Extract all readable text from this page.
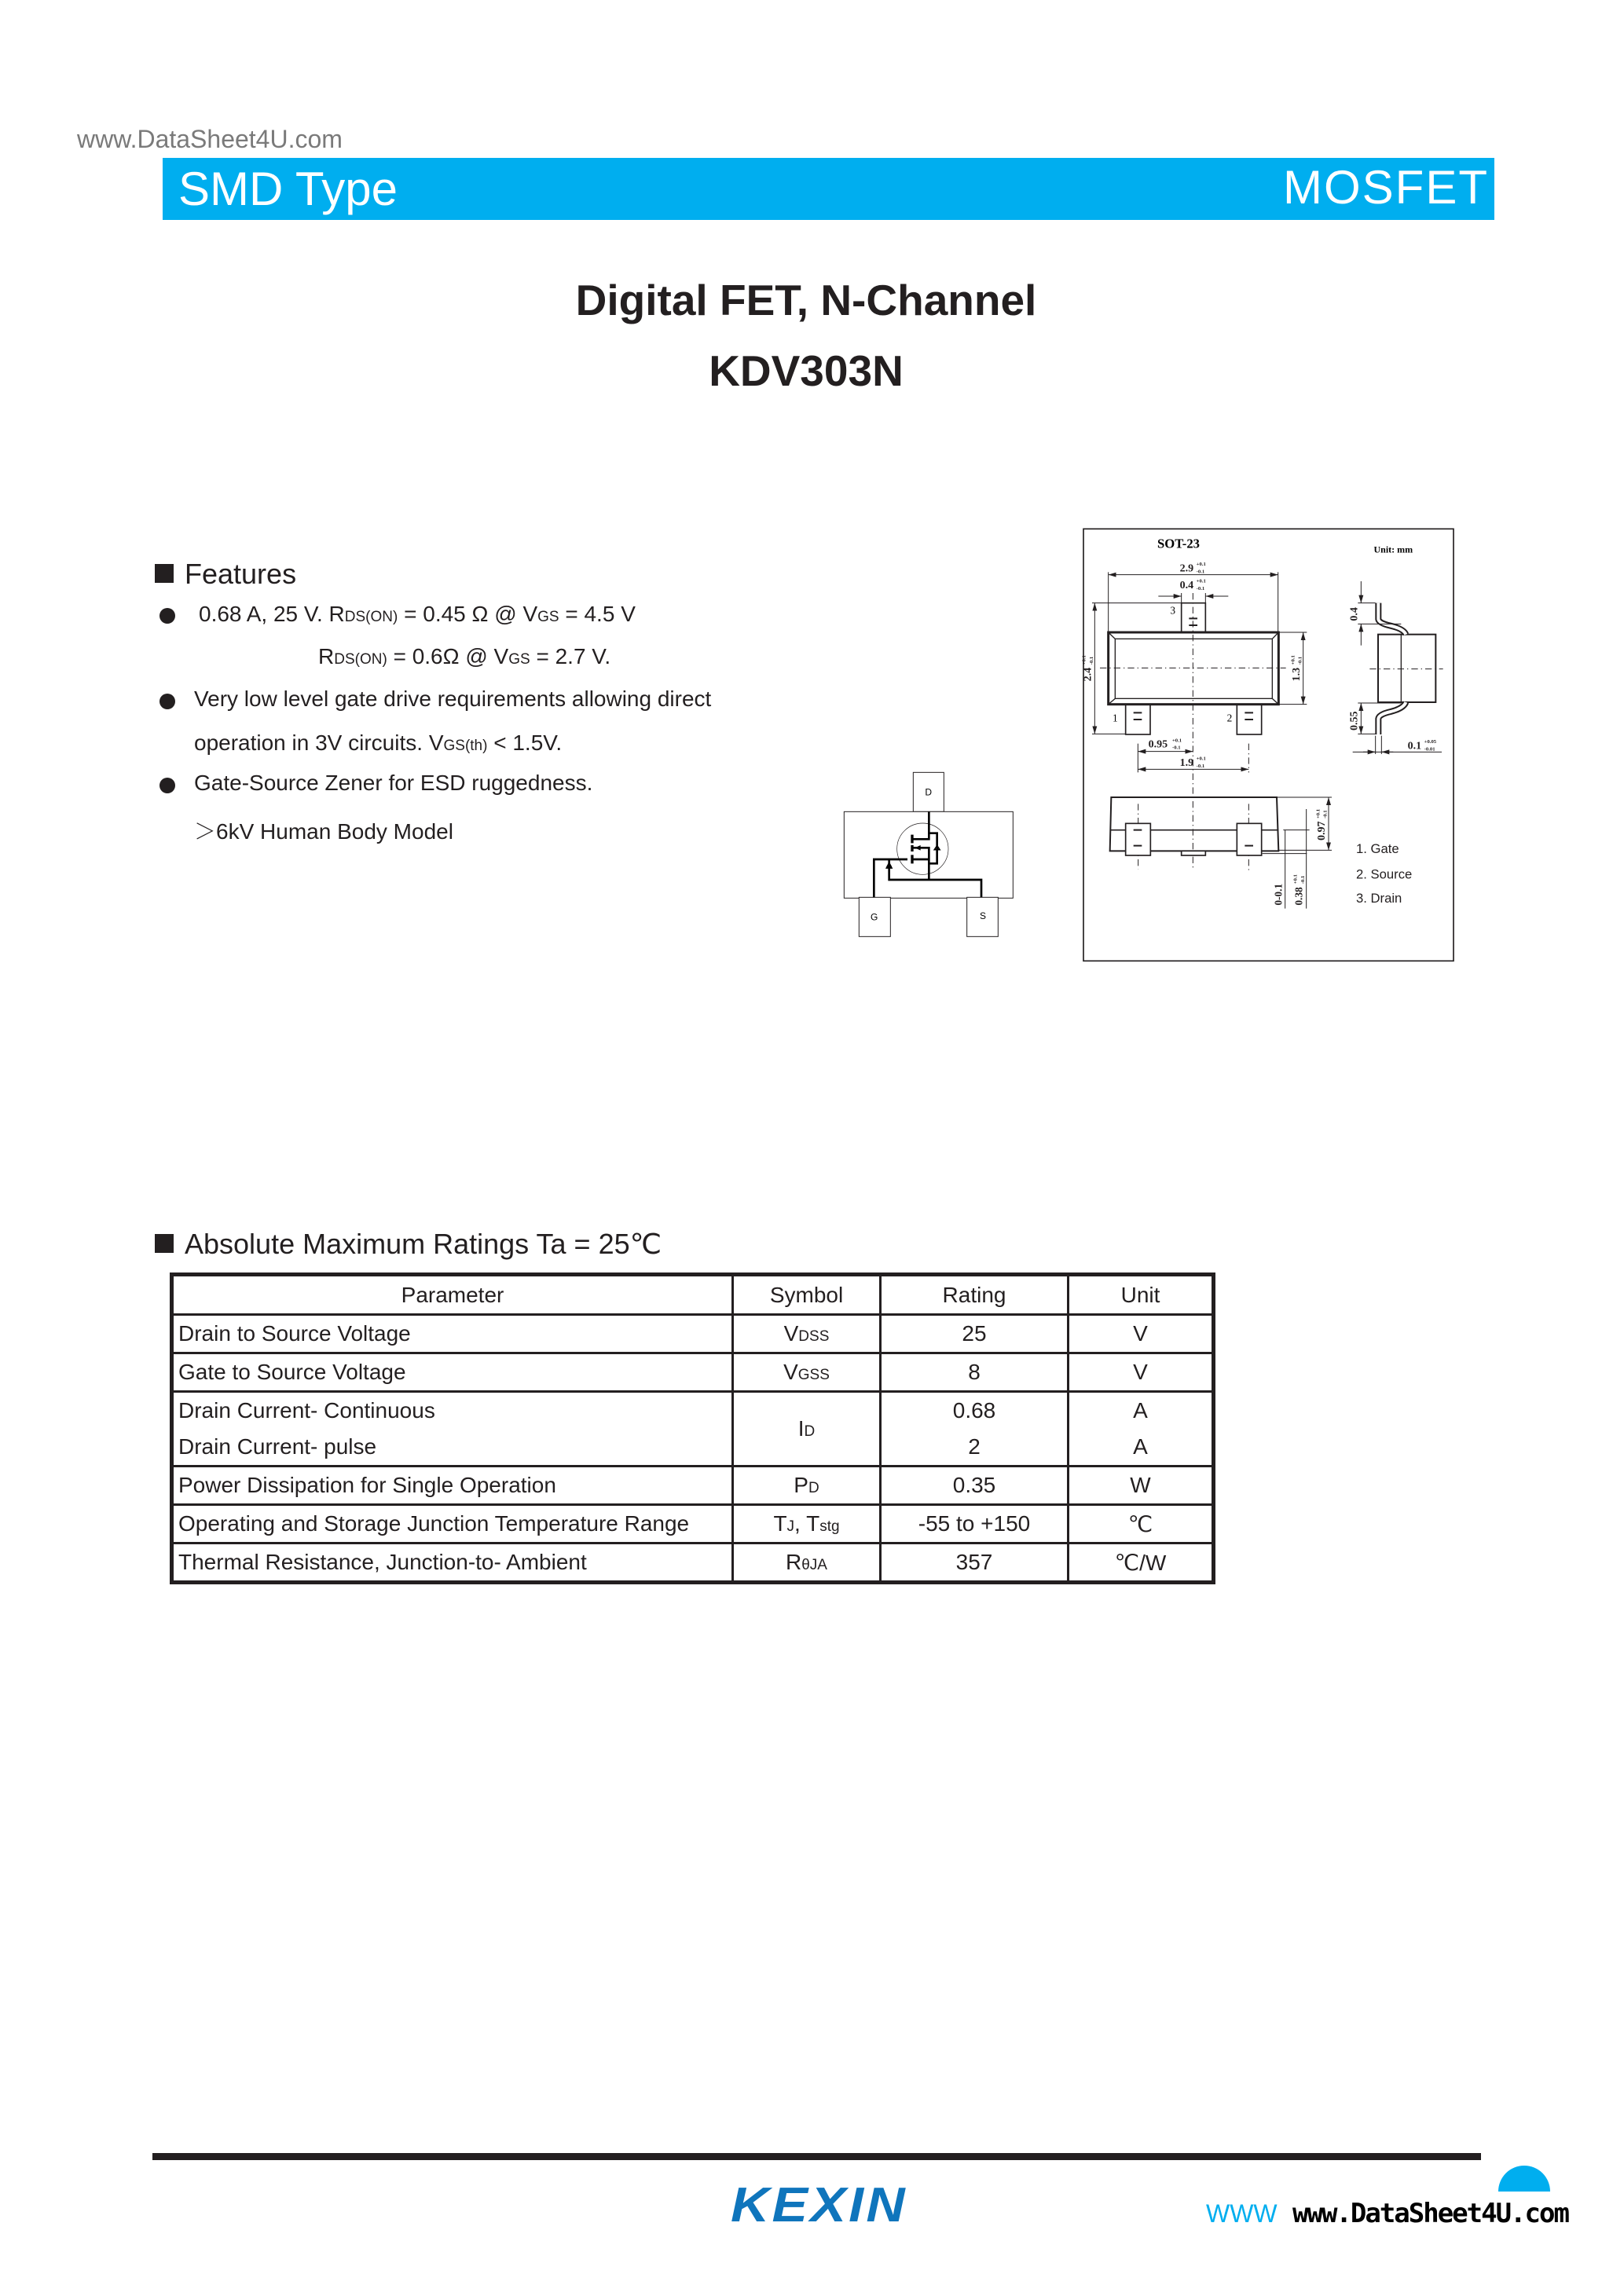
www.DataSheet4U.com
SMD Type	MOSFET
Digital FET, N-Channel
KDV303N
Features
0.68 A, 25 V. RDS(ON) = 0.45 Ω @ VGS = 4.5 V
RDS(ON) = 0.6Ω @ VGS = 2.7 V.
Very low level gate drive requirements allowing direct
operation in 3V circuits. VGS(th) < 1.5V.
Gate-Source Zener for ESD ruggedness.
＞6kV Human Body Model
D
G	S
SOT-23	Unit: mm
3
1	2
2.9 +0.1
-0.1
0.4 +0.1
-0.1
0.95 +0.1
-0.1
1.9 +0.1
-0.1
2.4
+0.1 -0.1
1.3
+0.1 -0.1
0.4
0.55
0.1 +0.05
-0.01
0.97
+0.1 -0.1
0-0.1 0.38
+0.1 -0.1
1. Gate
2. Source
3. Drain
Absolute Maximum Ratings Ta = 25℃
Parameter	Symbol	Rating	Unit
Drain to Source Voltage	VDSS	25	V
Gate to Source Voltage	VGSS	8	V
Drain Current- Continuous	ID	0.68	A
Drain Current- pulse		2	A
Power Dissipation for Single Operation	PD	0.35	W
Operating and Storage Junction Temperature Range	TJ, Tstg	-55 to +150	℃
Thermal Resistance, Junction-to- Ambient	RθJA	357	℃/W
KEXIN	WWW www.DataSheet4U.com
